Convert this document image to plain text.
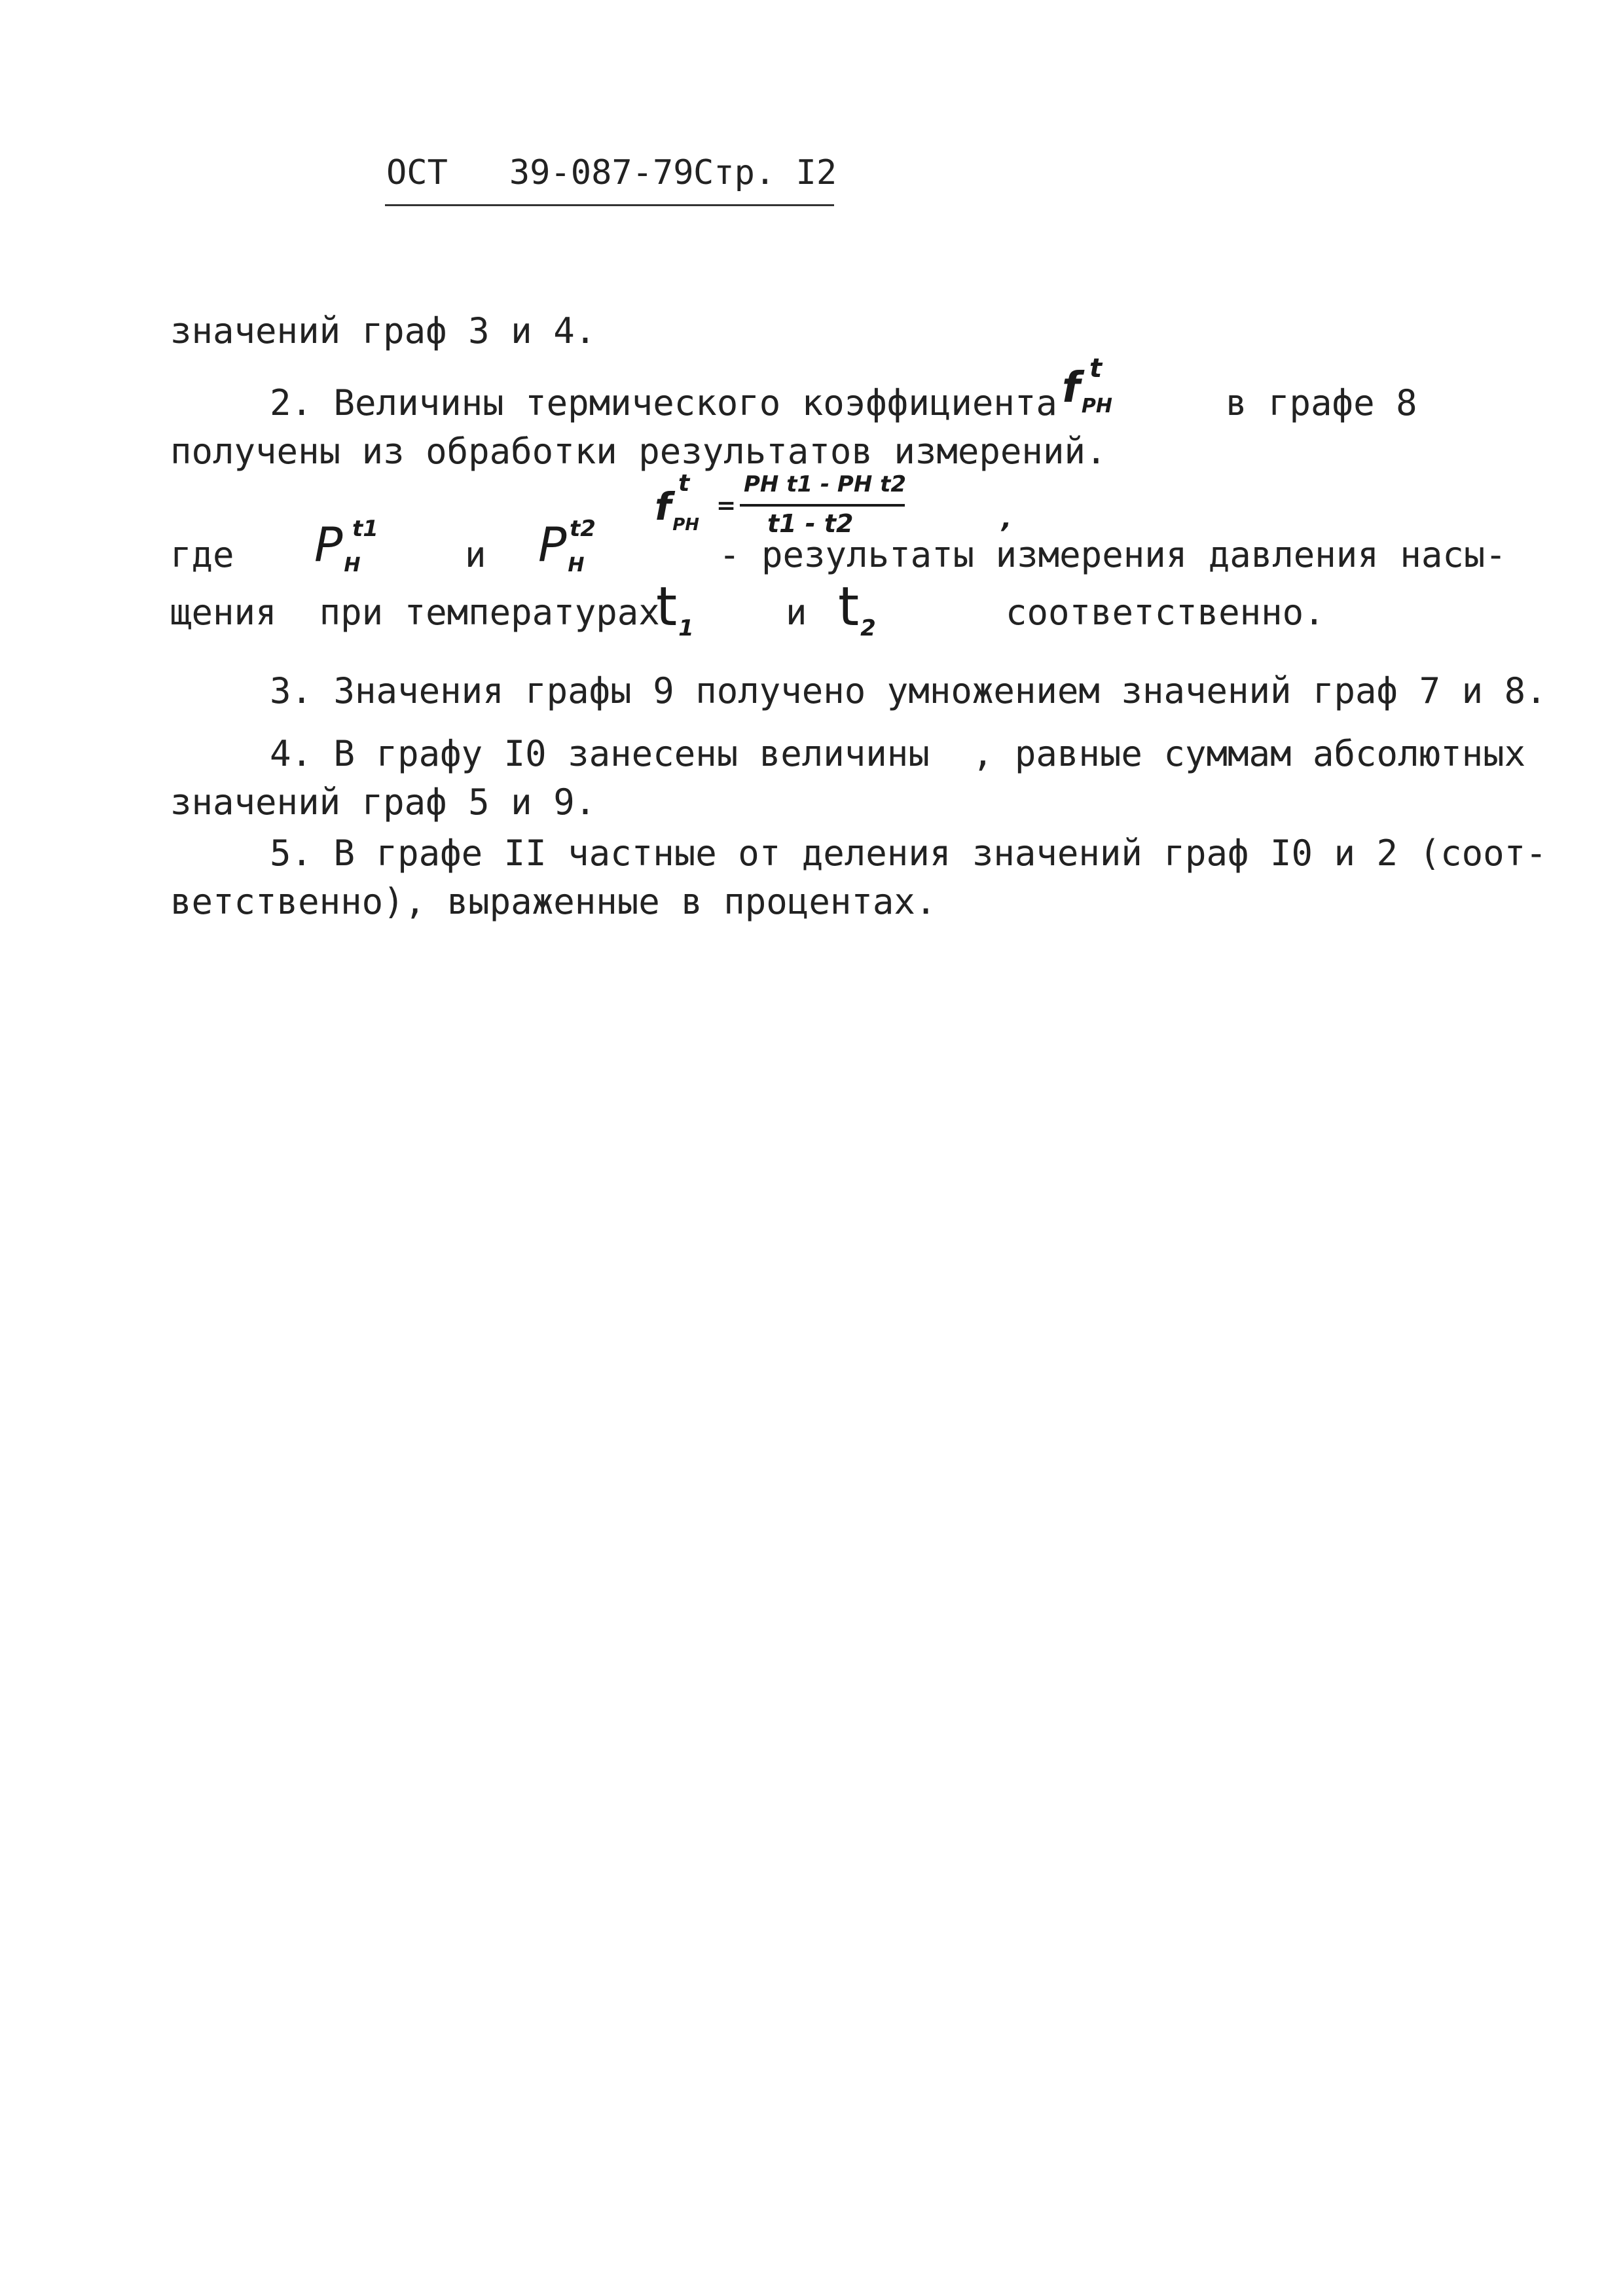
ОСТ   39-087-79 Стр. I2
значений граф 3 и 4.
2. Величины термического коэффициента fPH
t
в графе 8
получены из обработки результатов измерений.
fPH
t
=
PH t1 - PH t2
t1 - t2	,
где PH
t1
и PH
t2
- результаты измерения давления насы-
щения  при температурах
t1	и t2	соответственно.
3. Значения графы 9 получено умножением значений граф 7 и 8.
4. В графу I0 занесены величины  , равные суммам абсолютных
значений граф 5 и 9.
5. В графе II частные от деления значений граф I0 и 2 (соот-
ветственно), выраженные в процентах.
